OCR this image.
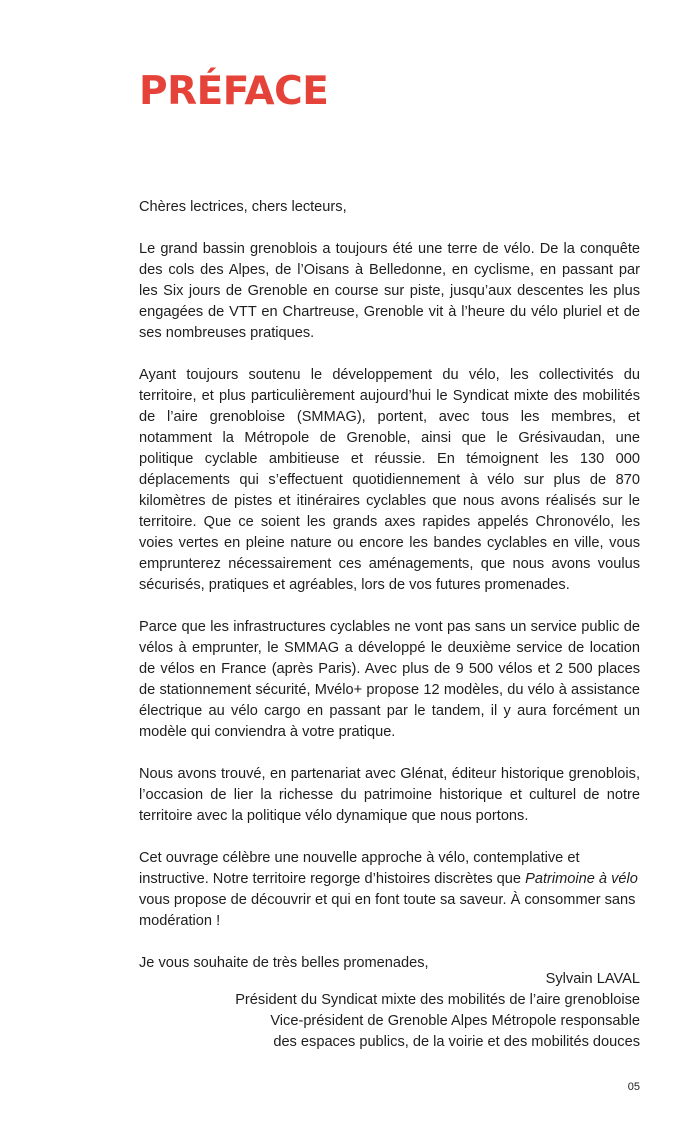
PRÉFACE

Chères lectrices, chers lecteurs,

Le grand bassin grenoblois a toujours été une terre de vélo. De la conquête des cols des Alpes, de l’Oisans à Belledonne, en cyclisme, en passant par les Six jours de Grenoble en course sur piste, jusqu’aux descentes les plus engagées de VTT en Chartreuse, Grenoble vit à l’heure du vélo pluriel et de ses nombreuses pratiques.

Ayant toujours soutenu le développement du vélo, les collectivités du territoire, et plus particulièrement aujourd’hui le Syndicat mixte des mobilités de l’aire grenobloise (SMMAG), portent, avec tous les membres, et notamment la Métropole de Grenoble, ainsi que le Grésivaudan, une politique cyclable ambitieuse et réussie. En témoignent les 130 000 déplacements qui s’effectuent quotidiennement à vélo sur plus de 870 kilomètres de pistes et itinéraires cyclables que nous avons réalisés sur le territoire. Que ce soient les grands axes rapides appelés Chronovélo, les voies vertes en pleine nature ou encore les bandes cyclables en ville, vous emprunterez nécessairement ces aménagements, que nous avons voulus sécurisés, pratiques et agréables, lors de vos futures promenades.

Parce que les infrastructures cyclables ne vont pas sans un service public de vélos à emprunter, le SMMAG a développé le deuxième service de location de vélos en France (après Paris). Avec plus de 9 500 vélos et 2 500 places de stationnement sécurité, Mvélo+ propose 12 modèles, du vélo à assistance électrique au vélo cargo en passant par le tandem, il y aura forcément un modèle qui conviendra à votre pratique.

Nous avons trouvé, en partenariat avec Glénat, éditeur historique grenoblois, l’occasion de lier la richesse du patrimoine historique et culturel de notre territoire avec la politique vélo dynamique que nous portons.

Cet ouvrage célèbre une nouvelle approche à vélo, contemplative et instructive. Notre territoire regorge d’histoires discrètes que Patrimoine à vélo vous propose de découvrir et qui en font toute sa saveur. À consommer sans modération !

Je vous souhaite de très belles promenades,

Sylvain LAVAL
Président du Syndicat mixte des mobilités de l’aire grenobloise
Vice-président de Grenoble Alpes Métropole responsable
des espaces publics, de la voirie et des mobilités douces
05
